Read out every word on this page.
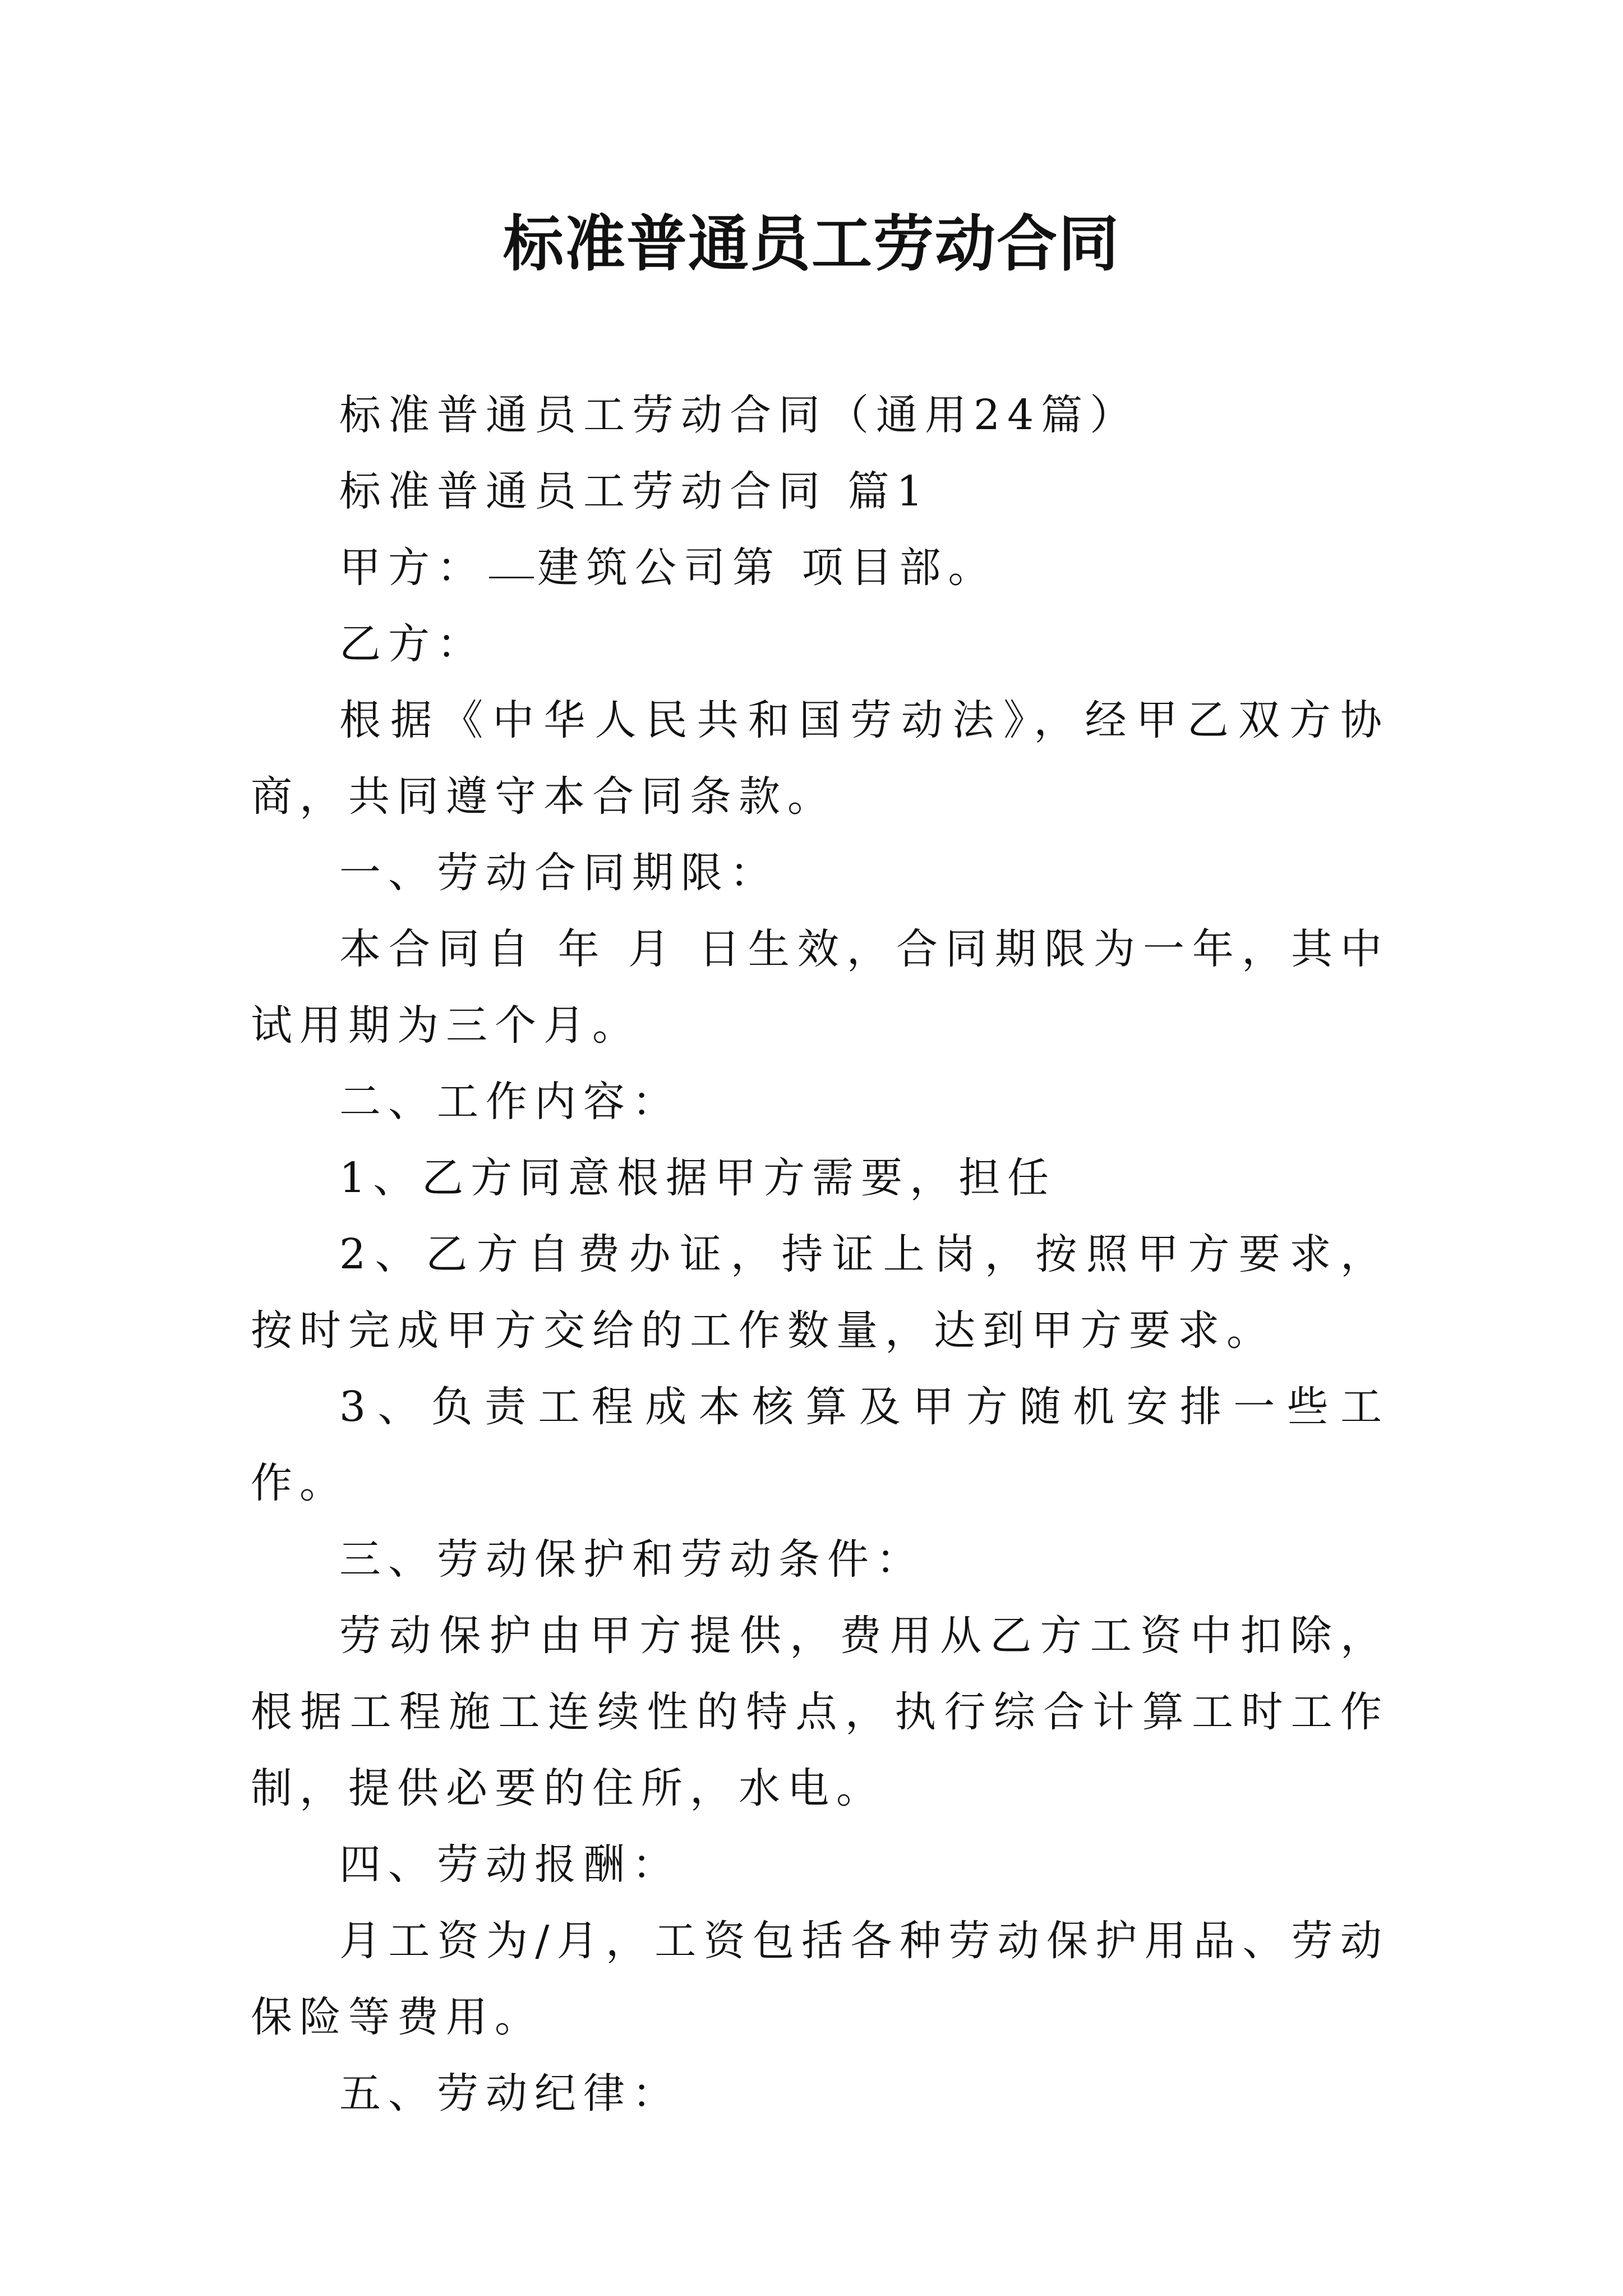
标准普通员工劳动合同

标准普通员工劳动合同（通用24篇）

标准普通员工劳动合同 篇1

甲方： 建筑公司第 项目部。

乙方：

根据《中华人民共和国劳动法》，经甲乙双方协商，共同遵守本合同条款。

一、劳动合同期限：

本合同自 年 月 日生效，合同期限为一年，其中试用期为三个月。

二、工作内容：

1、乙方同意根据甲方需要，担任

2、乙方自费办证，持证上岗，按照甲方要求，按时完成甲方交给的工作数量，达到甲方要求。

3、负责工程成本核算及甲方随机安排一些工作。

三、劳动保护和劳动条件：

劳动保护由甲方提供，费用从乙方工资中扣除，根据工程施工连续性的特点，执行综合计算工时工作制，提供必要的住所，水电。

四、劳动报酬：

月工资为/月，工资包括各种劳动保护用品、劳动保险等费用。

五、劳动纪律：
